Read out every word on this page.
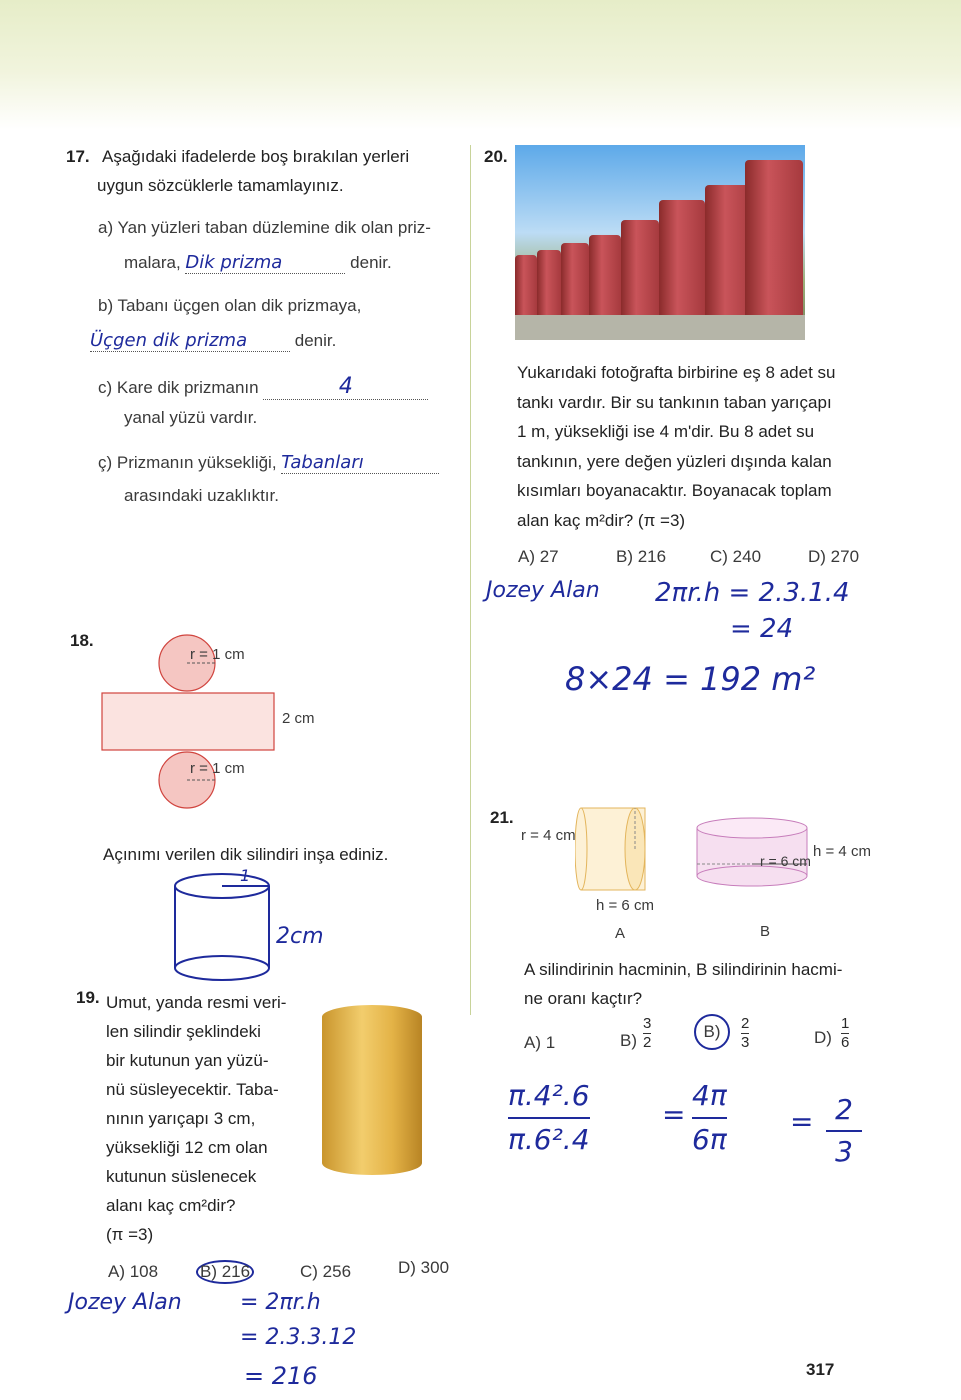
17. Aşağıdaki ifadelerde boş bırakılan yerleri
uygun sözcüklerle tamamlayınız.
a) Yan yüzleri taban düzlemine dik olan priz-
malara, Dik prizma	denir.
b) Tabanı üçgen olan dik prizmaya,
Üçgen dik prizma	denir.
c) Kare dik prizmanın	4
yanal yüzü vardır.
ç) Prizmanın yüksekliği, Tabanları
arasındaki uzaklıktır.
18.
r = 1 cm
2 cm
r = 1 cm
Açınımı verilen dik silindiri inşa ediniz.
1
2cm
19. Umut, yanda resmi veri-
len silindir şeklindeki
bir kutunun yan yüzü-
nü süsleyecektir. Taba-
nının yarıçapı 3 cm,
yüksekliği 12 cm olan
kutunun süslenecek
alanı kaç cm²dir?
(π =3)
A) 108 B) 216	C) 256	D) 300
Jozey Alan	= 2πr.h
= 2.3.3.12
= 216
20.
Yukarıdaki fotoğrafta birbirine eş 8 adet su
tankı vardır. Bir su tankının taban yarıçapı
1 m, yüksekliği ise 4 m'dir. Bu 8 adet su
tankının, yere değen yüzleri dışında kalan
kısımları boyanacaktır. Boyanacak toplam
alan kaç m²dir? (π =3)
A) 27	B) 216	C) 240	D) 270
Jozey Alan 2πr.h = 2.3.1.4
= 24
8×24 = 192 m²
21.
r = 4 cm
h = 6 cm
A
r = 6 cm
h = 4 cm
B
A silindirinin hacminin, B silindirinin hacmi-
ne oranı kaçtır?
A) 1	$B) \frac{3}{2}$	B)	$\frac{2}{3}$	$D) \frac{1}{6}$
$\frac{\text{π.4².6}}{\text{π.6².4}}$	= $\frac{4\pi}{6\pi} = \frac{2}{3}$
317
